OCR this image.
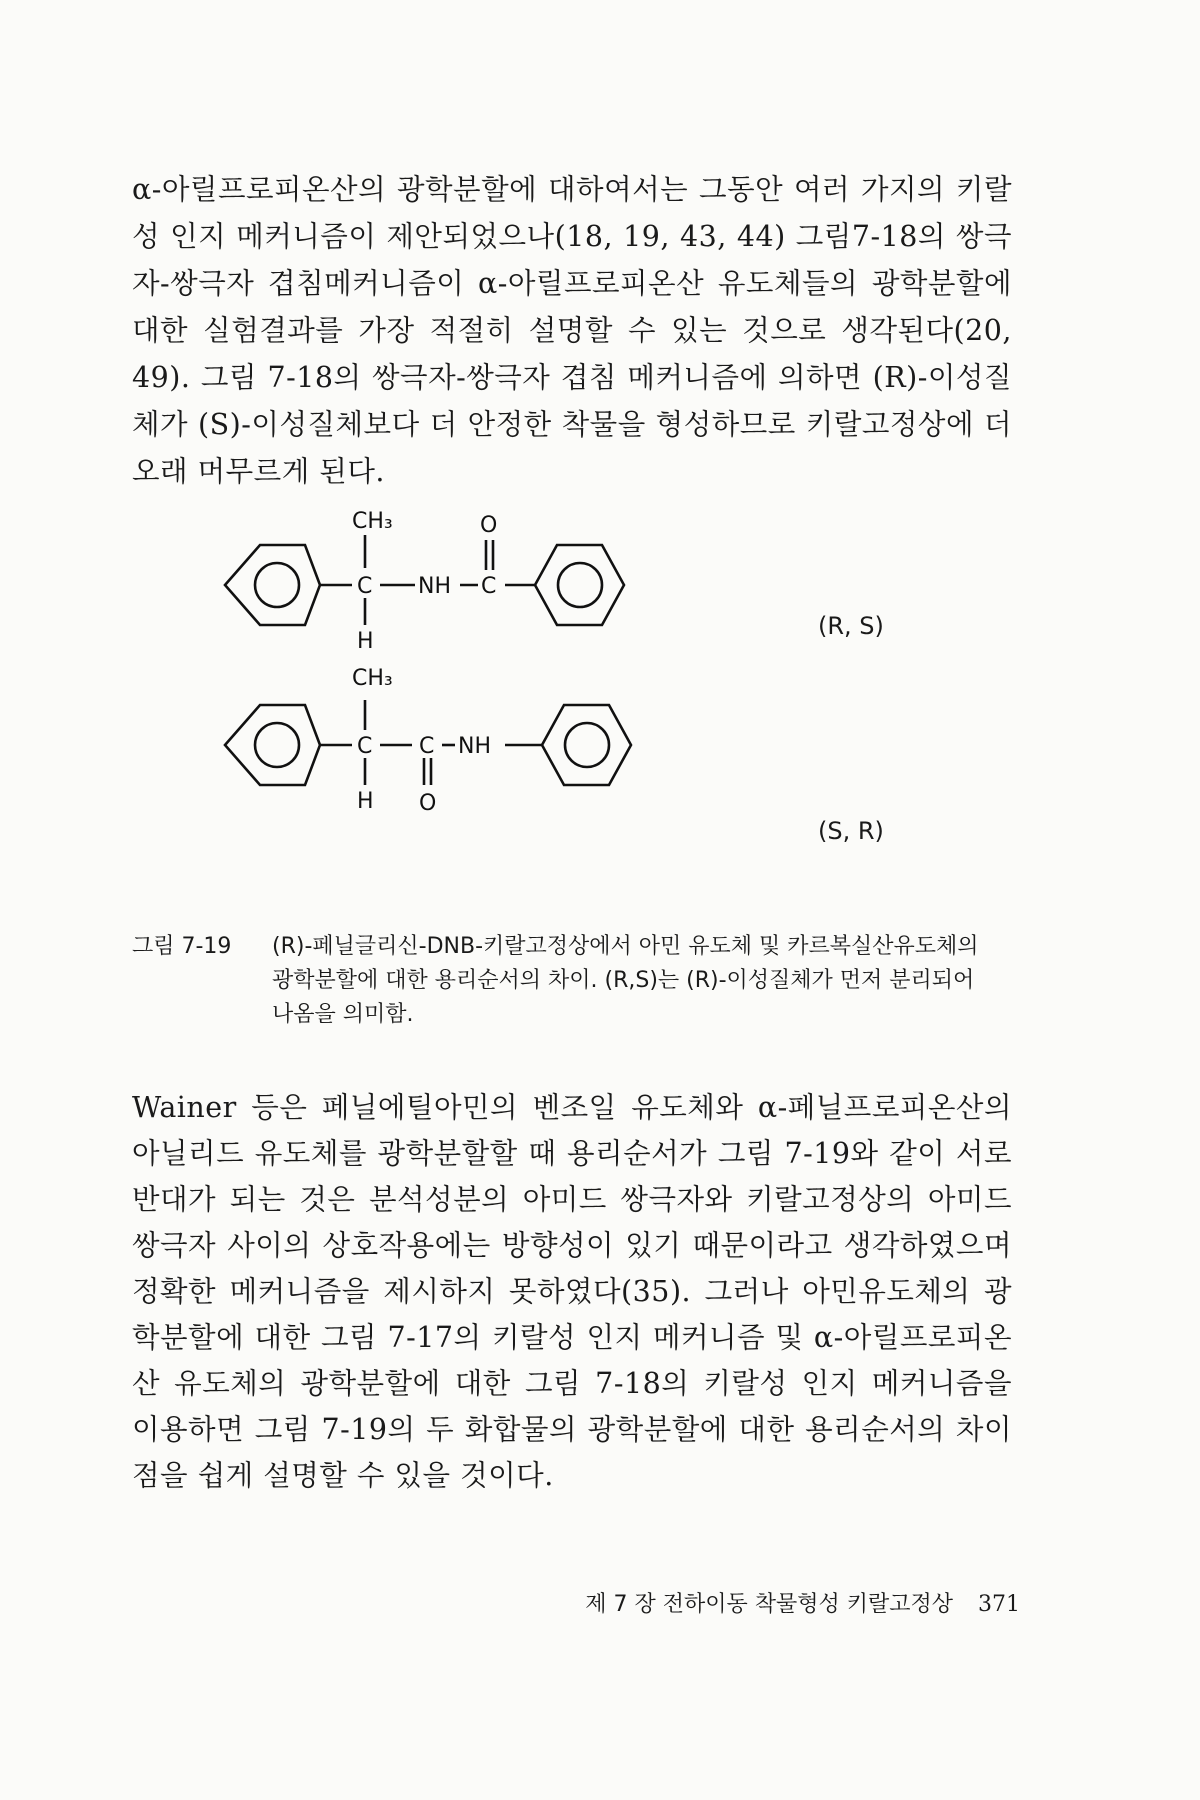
α-아릴프로피온산의 광학분할에 대하여서는 그동안 여러 가지의 키랄성 인지 메커니즘이 제안되었으나(18, 19, 43, 44) 그림7-18의 쌍극자-쌍극자 겹침메커니즘이 α-아릴프로피온산 유도체들의 광학분할에 대한 실험결과를 가장 적절히 설명할 수 있는 것으로 생각된다(20, 49). 그림 7-18의 쌍극자-쌍극자 겹침 메커니즘에 의하면 (R)-이성질체가 (S)-이성질체보다 더 안정한 착물을 형성하므로 키랄고정상에 더 오래 머무르게 된다.

CH₃
C
H
NH C
O
CH₃
C
H
C NH
O
(R, S)
(S, R)
그림 7-19 (R)-페닐글리신-DNB-키랄고정상에서 아민 유도체 및 카르복실산유도체의 광학분할에 대한 용리순서의 차이. (R,S)는 (R)-이성질체가 먼저 분리되어 나옴을 의미함.

Wainer 등은 페닐에틸아민의 벤조일 유도체와 α-페닐프로피온산의 아닐리드 유도체를 광학분할할 때 용리순서가 그림 7-19와 같이 서로 반대가 되는 것은 분석성분의 아미드 쌍극자와 키랄고정상의 아미드 쌍극자 사이의 상호작용에는 방향성이 있기 때문이라고 생각하였으며 정확한 메커니즘을 제시하지 못하였다(35). 그러나 아민유도체의 광학분할에 대한 그림 7-17의 키랄성 인지 메커니즘 및 α-아릴프로피온산 유도체의 광학분할에 대한 그림 7-18의 키랄성 인지 메커니즘을 이용하면 그림 7-19의 두 화합물의 광학분할에 대한 용리순서의 차이점을 쉽게 설명할 수 있을 것이다.

제 7 장 전하이동 착물형성 키랄고정상 371
